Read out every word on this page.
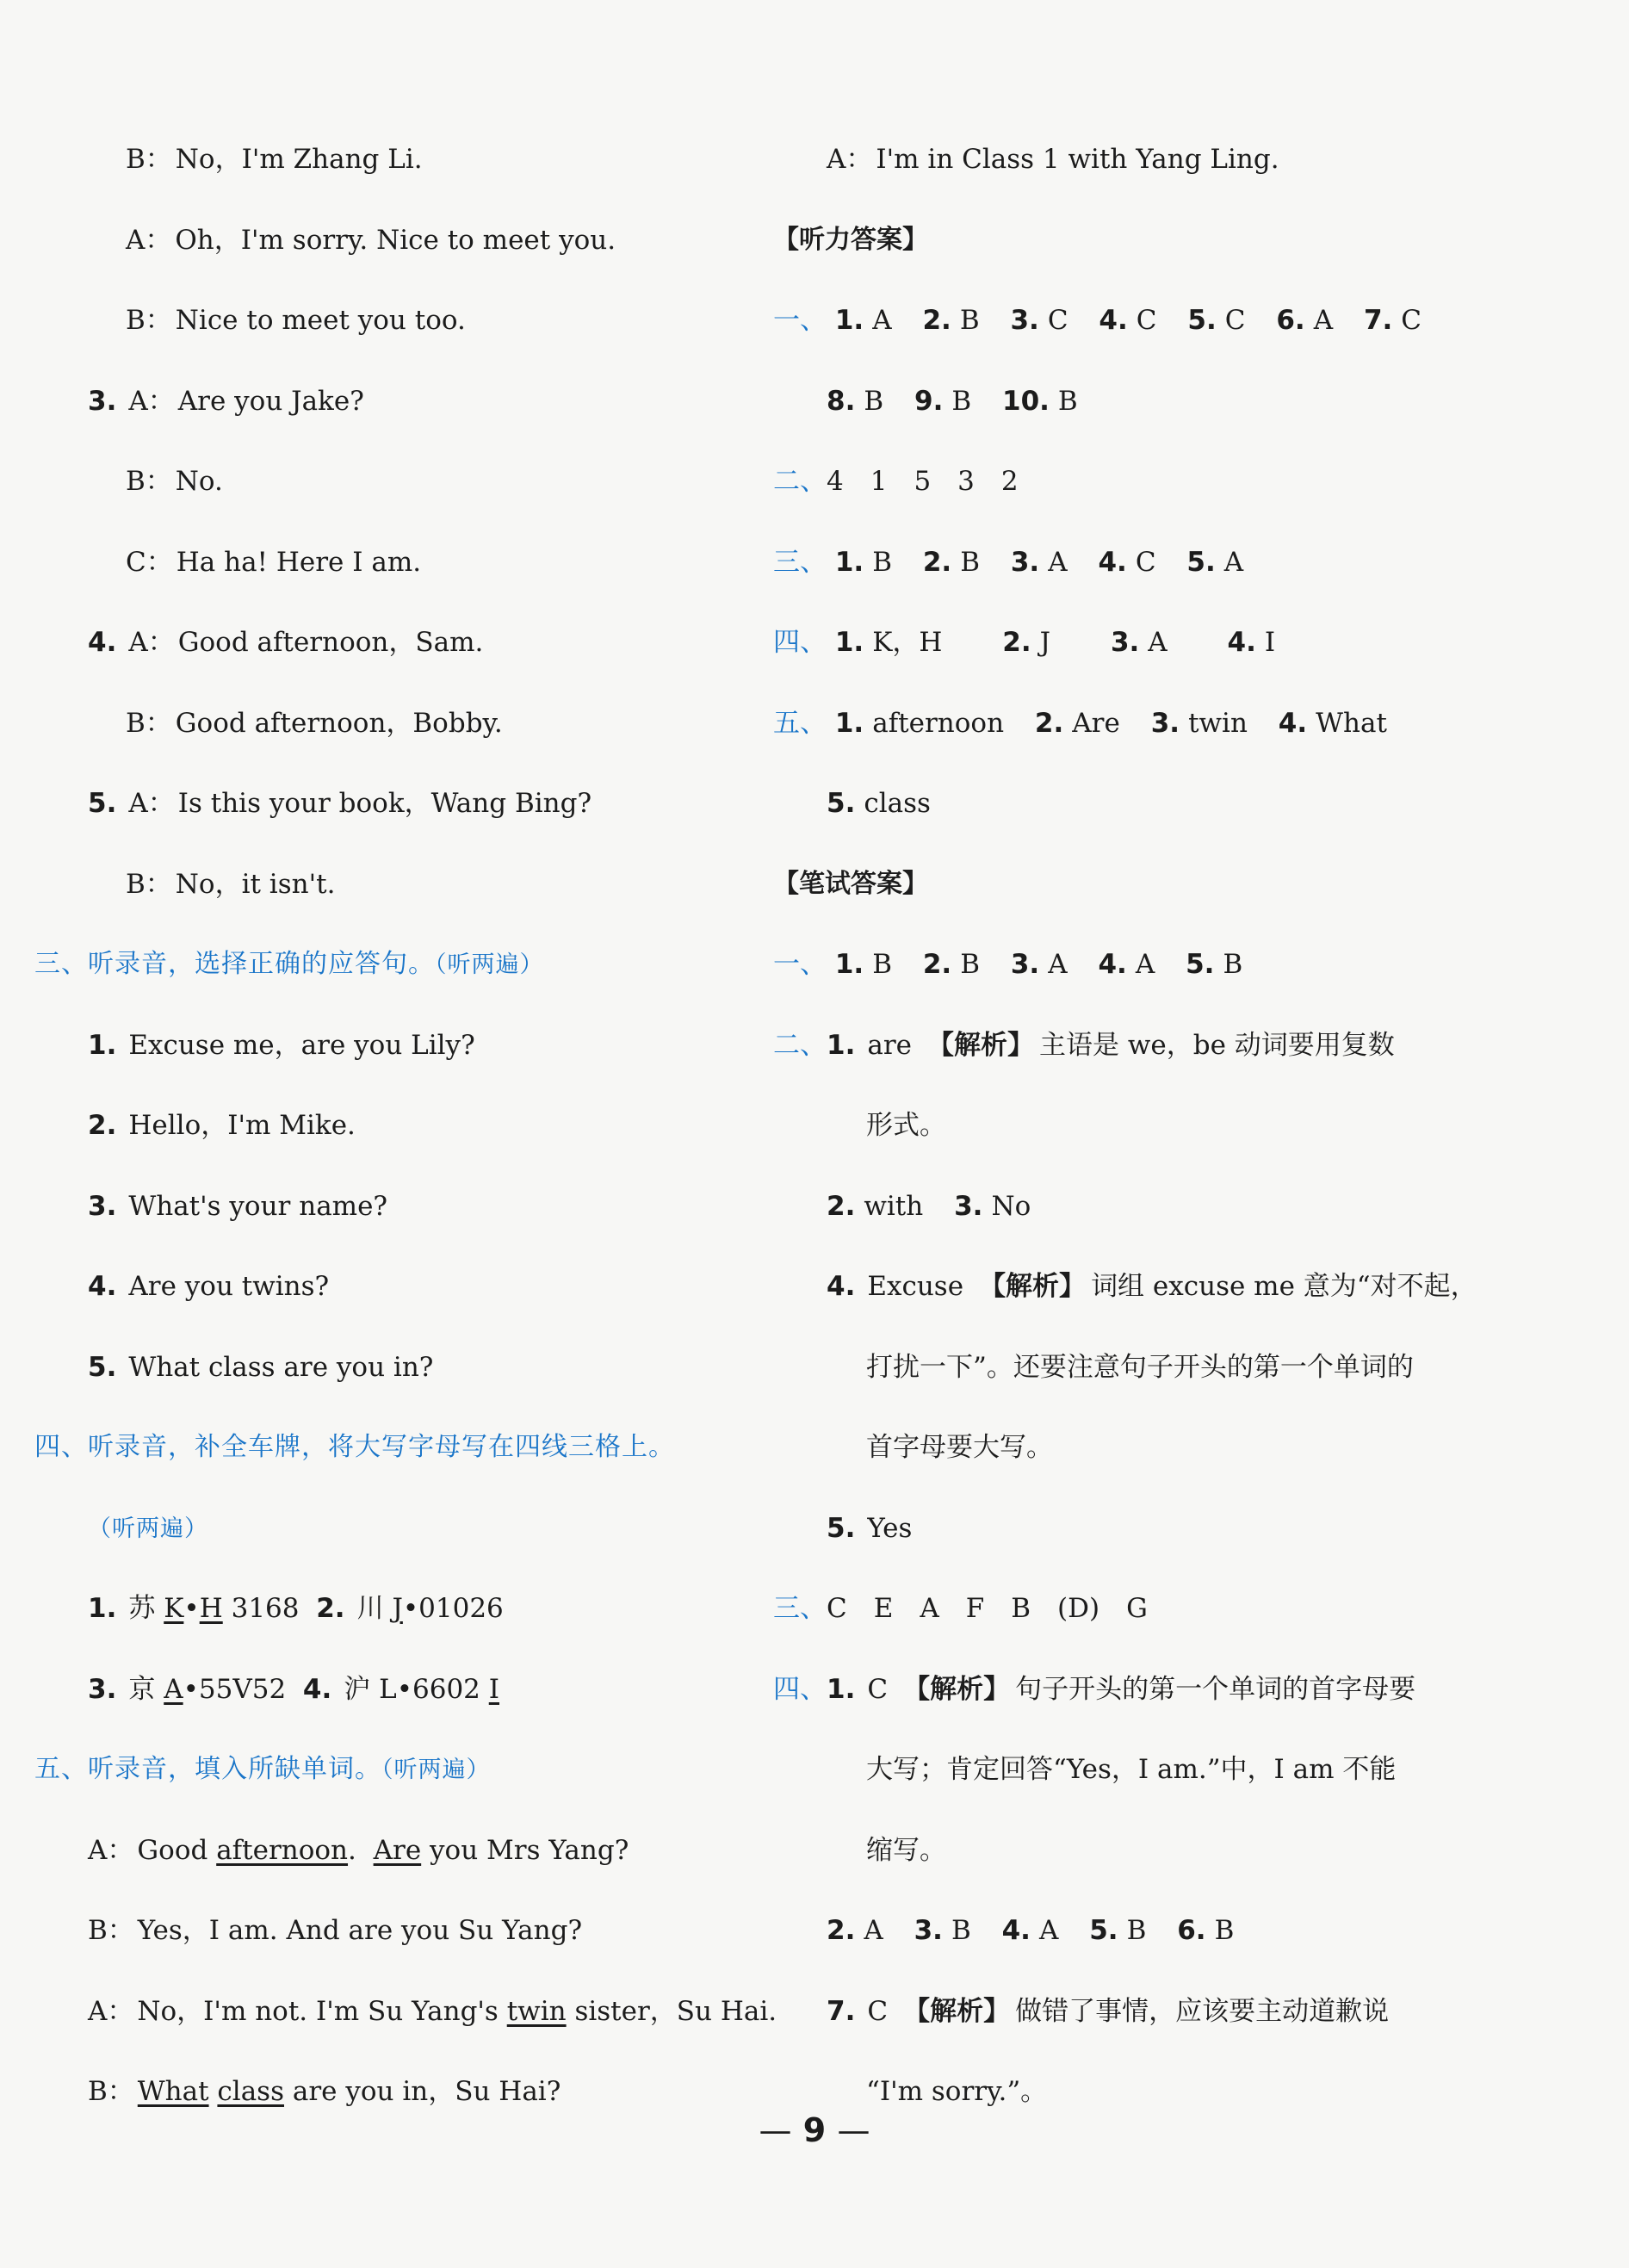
B： No，I'm Zhang Li.
A： Oh，I'm sorry. Nice to meet you.
B： Nice to meet you too.
3. A： Are you Jake?
B： No.
C： Ha ha! Here I am.
4. A： Good afternoon，Sam.
B： Good afternoon，Bobby.
5. A： Is this your book，Wang Bing?
B： No，it isn't.
三、听录音，选择正确的应答句。（听两遍）
1. Excuse me，are you Lily?
2. Hello，I'm Mike.
3. What's your name?
4. Are you twins?
5. What class are you in?
四、听录音，补全车牌，将大写字母写在四线三格上。
（听两遍）
1. 苏 K•H 3168 2. 川 J•01026
3. 京 A•55V52 4. 沪 L•6602 I
五、听录音，填入所缺单词。（听两遍）
A： Good afternoon. Are you Mrs Yang?
B： Yes，I am. And are you Su Yang?
A： No，I'm not. I'm Su Yang's twin sister，Su Hai.
B： What class are you in，Su Hai?
A： I'm in Class 1 with Yang Ling.
【听力答案】
一、 1. A 2. B 3. C 4. C 5. C 6. A 7. C
8. B 9. B 10. B
二、4　1　5　3　2
三、 1. B 2. B 3. A 4. C 5. A
四、 1. K，H 2. J 3. A 4. I
五、 1. afternoon 2. Are 3. twin 4. What
5. class
【笔试答案】
一、 1. B 2. B 3. A 4. A 5. B
二、1. are 【解析】 主语是 we，be 动词要用复数
形式。
2. with 3. No
4. Excuse 【解析】 词组 excuse me 意为“对不起，
打扰一下”。还要注意句子开头的第一个单词的
首字母要大写。
5. Yes
三、C　E　A　F　B　(D)　G
四、1. C 【解析】 句子开头的第一个单词的首字母要
大写；肯定回答“Yes，I am.”中，I am 不能
缩写。
2. A 3. B 4. A 5. B 6. B
7. C 【解析】 做错了事情，应该要主动道歉说
“I'm sorry.”。
— 9 —
